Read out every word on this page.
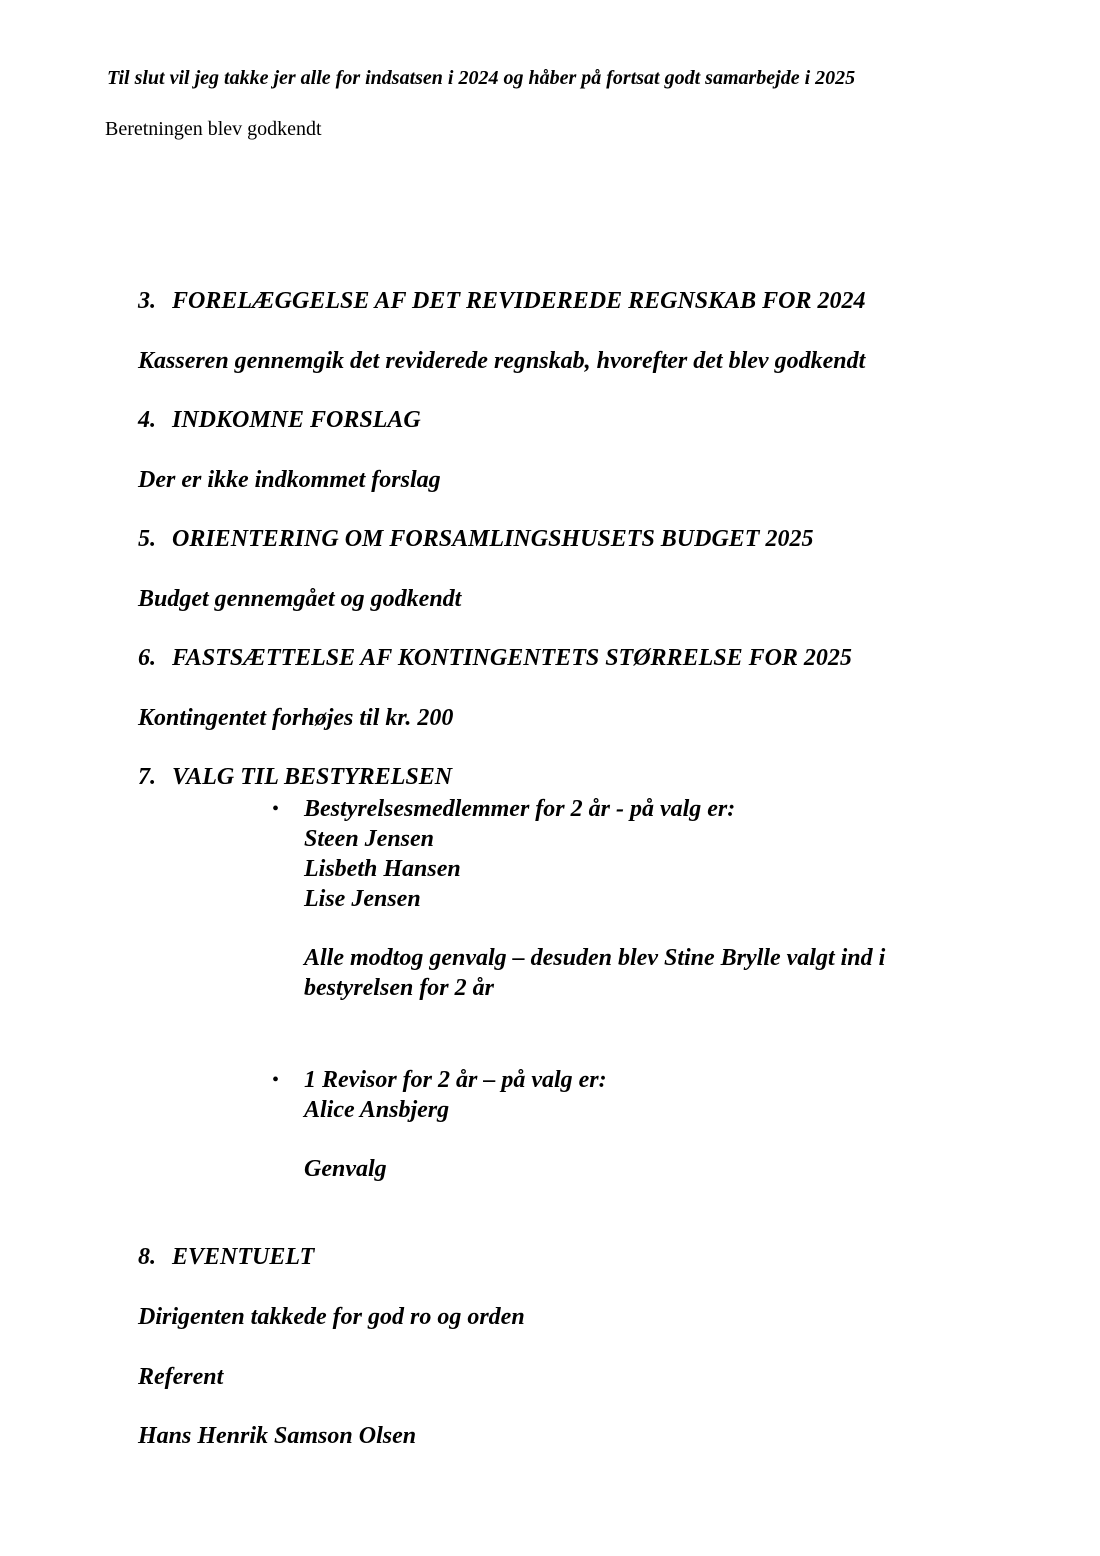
Til slut vil jeg takke jer alle for indsatsen i 2024 og håber på fortsat godt samarbejde i 2025
Beretningen blev godkendt
3. FORELÆGGELSE AF DET REVIDEREDE REGNSKAB FOR 2024
Kasseren gennemgik det reviderede regnskab, hvorefter det blev godkendt
4. INDKOMNE FORSLAG
Der er ikke indkommet forslag
5. ORIENTERING OM FORSAMLINGSHUSETS BUDGET 2025
Budget gennemgået og godkendt
6. FASTSÆTTELSE AF KONTINGENTETS STØRRELSE FOR 2025
Kontingentet forhøjes til kr. 200
7. VALG TIL BESTYRELSEN
• Bestyrelsesmedlemmer for 2 år - på valg er:
Steen Jensen
Lisbeth Hansen
Lise Jensen
Alle modtog genvalg – desuden blev Stine Brylle valgt ind i
bestyrelsen for 2 år
• 1 Revisor for 2 år – på valg er:
Alice Ansbjerg
Genvalg
8. EVENTUELT
Dirigenten takkede for god ro og orden
Referent
Hans Henrik Samson Olsen
